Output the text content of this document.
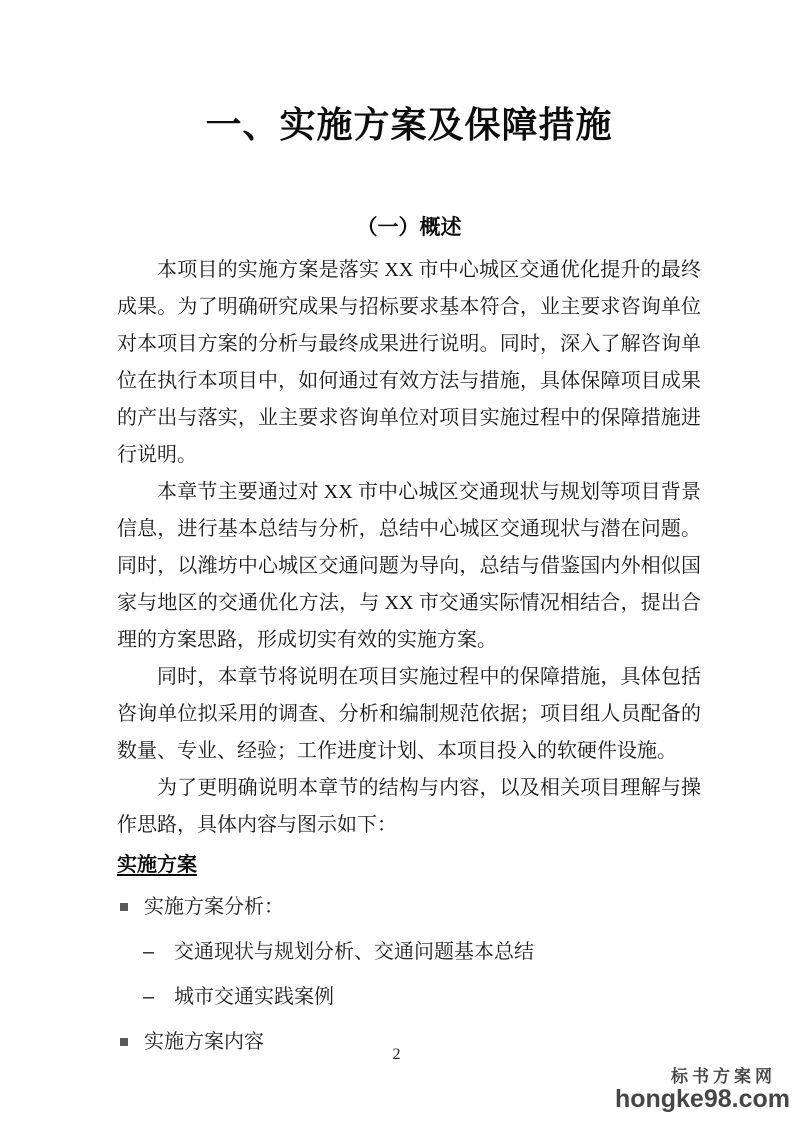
一、实施方案及保障措施
（一）概述

本项目的实施方案是落实 XX 市中心城区交通优化提升的最终成果。为了明确研究成果与招标要求基本符合，业主要求咨询单位对本项目方案的分析与最终成果进行说明。同时，深入了解咨询单位在执行本项目中，如何通过有效方法与措施，具体保障项目成果的产出与落实，业主要求咨询单位对项目实施过程中的保障措施进行说明。

本章节主要通过对 XX 市中心城区交通现状与规划等项目背景信息，进行基本总结与分析，总结中心城区交通现状与潜在问题。同时，以潍坊中心城区交通问题为导向，总结与借鉴国内外相似国家与地区的交通优化方法，与 XX 市交通实际情况相结合，提出合理的方案思路，形成切实有效的实施方案。

同时，本章节将说明在项目实施过程中的保障措施，具体包括咨询单位拟采用的调查、分析和编制规范依据；项目组人员配备的数量、专业、经验；工作进度计划、本项目投入的软硬件设施。

为了更明确说明本章节的结构与内容，以及相关项目理解与操作思路，具体内容与图示如下：

实施方案
实施方案分析：
– 交通现状与规划分析、交通问题基本总结
– 城市交通实践案例
实施方案内容
2
标书方案网
hongke98.com
